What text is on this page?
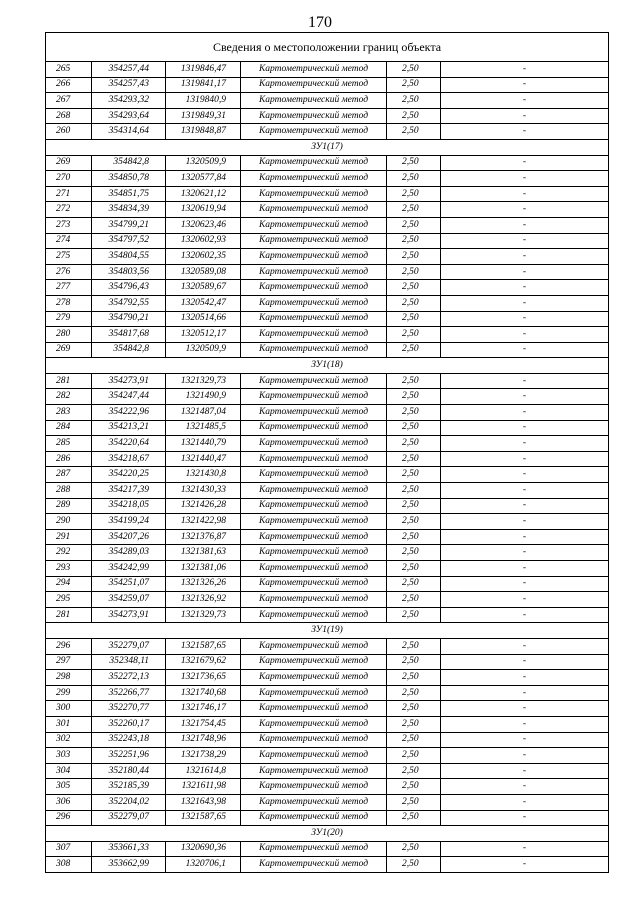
170
Сведения о местоположении границ объекта					
265	354257,44	1319846,47	Картометрический метод	2,50	-
266	354257,43	1319841,17	Картометрический метод	2,50	-
267	354293,32	1319840,9	Картометрический метод	2,50	-
268	354293,64	1319849,31	Картометрический метод	2,50	-
260	354314,64	1319848,87	Картометрический метод	2,50	-
ЗУ1(17)					
269	354842,8	1320509,9	Картометрический метод	2,50	-
270	354850,78	1320577,84	Картометрический метод	2,50	-
271	354851,75	1320621,12	Картометрический метод	2,50	-
272	354834,39	1320619,94	Картометрический метод	2,50	-
273	354799,21	1320623,46	Картометрический метод	2,50	-
274	354797,52	1320602,93	Картометрический метод	2,50	-
275	354804,55	1320602,35	Картометрический метод	2,50	-
276	354803,56	1320589,08	Картометрический метод	2,50	-
277	354796,43	1320589,67	Картометрический метод	2,50	-
278	354792,55	1320542,47	Картометрический метод	2,50	-
279	354790,21	1320514,66	Картометрический метод	2,50	-
280	354817,68	1320512,17	Картометрический метод	2,50	-
269	354842,8	1320509,9	Картометрический метод	2,50	-
ЗУ1(18)					
281	354273,91	1321329,73	Картометрический метод	2,50	-
282	354247,44	1321490,9	Картометрический метод	2,50	-
283	354222,96	1321487,04	Картометрический метод	2,50	-
284	354213,21	1321485,5	Картометрический метод	2,50	-
285	354220,64	1321440,79	Картометрический метод	2,50	-
286	354218,67	1321440,47	Картометрический метод	2,50	-
287	354220,25	1321430,8	Картометрический метод	2,50	-
288	354217,39	1321430,33	Картометрический метод	2,50	-
289	354218,05	1321426,28	Картометрический метод	2,50	-
290	354199,24	1321422,98	Картометрический метод	2,50	-
291	354207,26	1321376,87	Картометрический метод	2,50	-
292	354289,03	1321381,63	Картометрический метод	2,50	-
293	354242,99	1321381,06	Картометрический метод	2,50	-
294	354251,07	1321326,26	Картометрический метод	2,50	-
295	354259,07	1321326,92	Картометрический метод	2,50	-
281	354273,91	1321329,73	Картометрический метод	2,50	-
ЗУ1(19)					
296	352279,07	1321587,65	Картометрический метод	2,50	-
297	352348,11	1321679,62	Картометрический метод	2,50	-
298	352272,13	1321736,65	Картометрический метод	2,50	-
299	352266,77	1321740,68	Картометрический метод	2,50	-
300	352270,77	1321746,17	Картометрический метод	2,50	-
301	352260,17	1321754,45	Картометрический метод	2,50	-
302	352243,18	1321748,96	Картометрический метод	2,50	-
303	352251,96	1321738,29	Картометрический метод	2,50	-
304	352180,44	1321614,8	Картометрический метод	2,50	-
305	352185,39	1321611,98	Картометрический метод	2,50	-
306	352204,02	1321643,98	Картометрический метод	2,50	-
296	352279,07	1321587,65	Картометрический метод	2,50	-
ЗУ1(20)					
307	353661,33	1320690,36	Картометрический метод	2,50	-
308	353662,99	1320706,1	Картометрический метод	2,50	-
